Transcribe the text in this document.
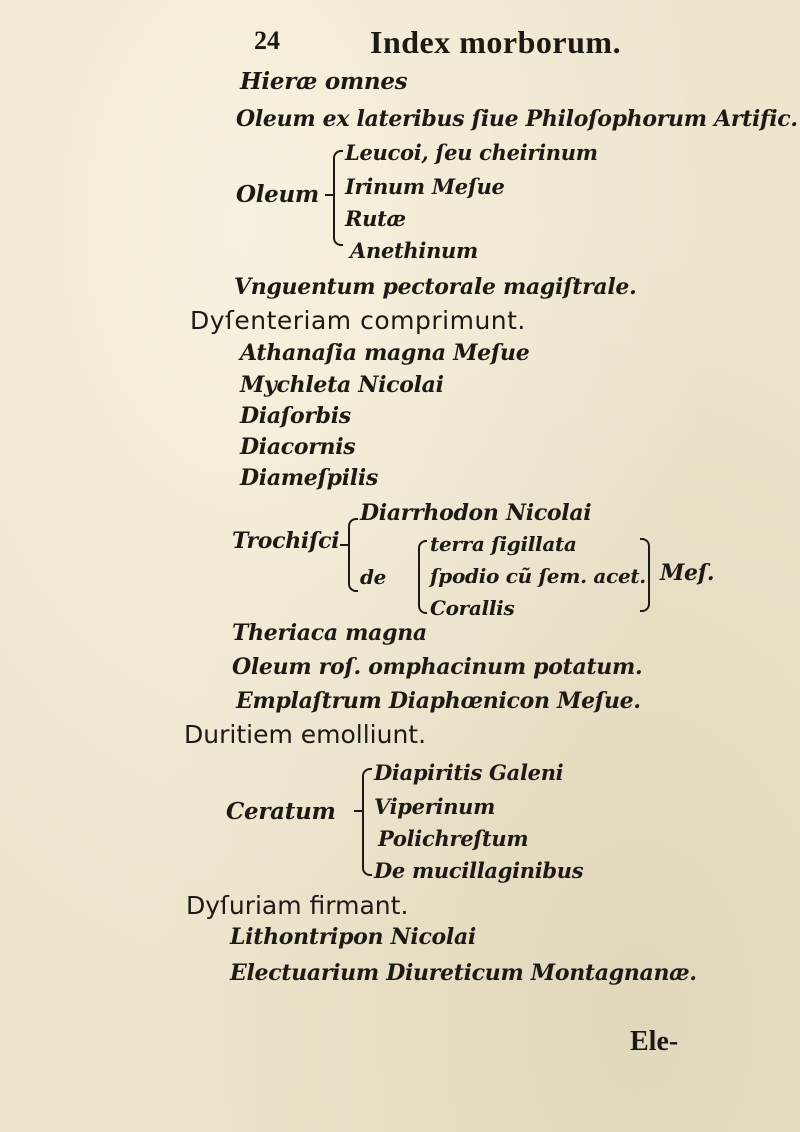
24	Index morborum.
Hieræ omnes
Oleum ex lateribus ſiue Philoſophorum Artific.
Oleum
Leucoi, ſeu cheirinum
Irinum Meſue
Rutæ
Anethinum
Vnguentum pectorale magiſtrale.
Dyſenteriam comprimunt.
Athanaſia magna Meſue
Mychleta Nicolai
Diaſorbis
Diacornis
Diameſpilis
Trochiſci
Diarrhodon Nicolai
de
terra ſigillata
ſpodio cũ ſem. acet.
Corallis
Meſ.
Theriaca magna
Oleum roſ. omphacinum potatum.
Emplaſtrum Diaphœnicon Meſue.
Duritiem emolliunt.
Ceratum
Diapiritis Galeni
Viperinum
Polichreſtum
De mucillaginibus
Dyſuriam firmant.
Lithontripon Nicolai
Electuarium Diureticum Montagnanæ.
Ele-
